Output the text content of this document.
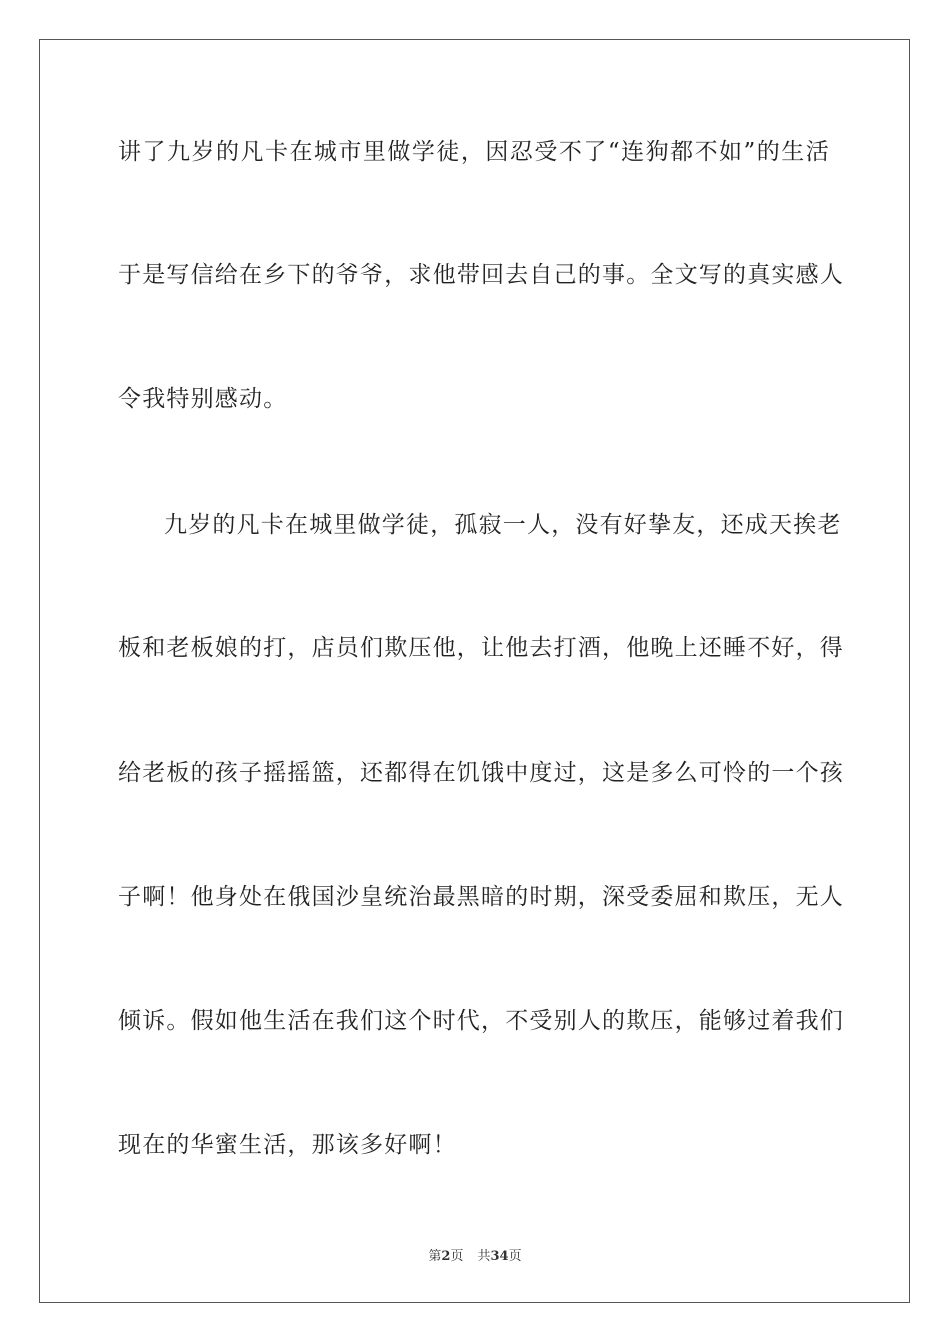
讲了九岁的凡卡在城市里做学徒，因忍受不了“连狗都不如”的生活
于是写信给在乡下的爷爷，求他带回去自己的事。全文写的真实感人
令我特别感动。
九岁的凡卡在城里做学徒，孤寂一人，没有好挚友，还成天挨老
板和老板娘的打，店员们欺压他，让他去打酒，他晚上还睡不好，得
给老板的孩子摇摇篮，还都得在饥饿中度过，这是多么可怜的一个孩
子啊！他身处在俄国沙皇统治最黑暗的时期，深受委屈和欺压，无人
倾诉。假如他生活在我们这个时代，不受别人的欺压，能够过着我们
现在的华蜜生活，那该多好啊！
第2页 共34页
